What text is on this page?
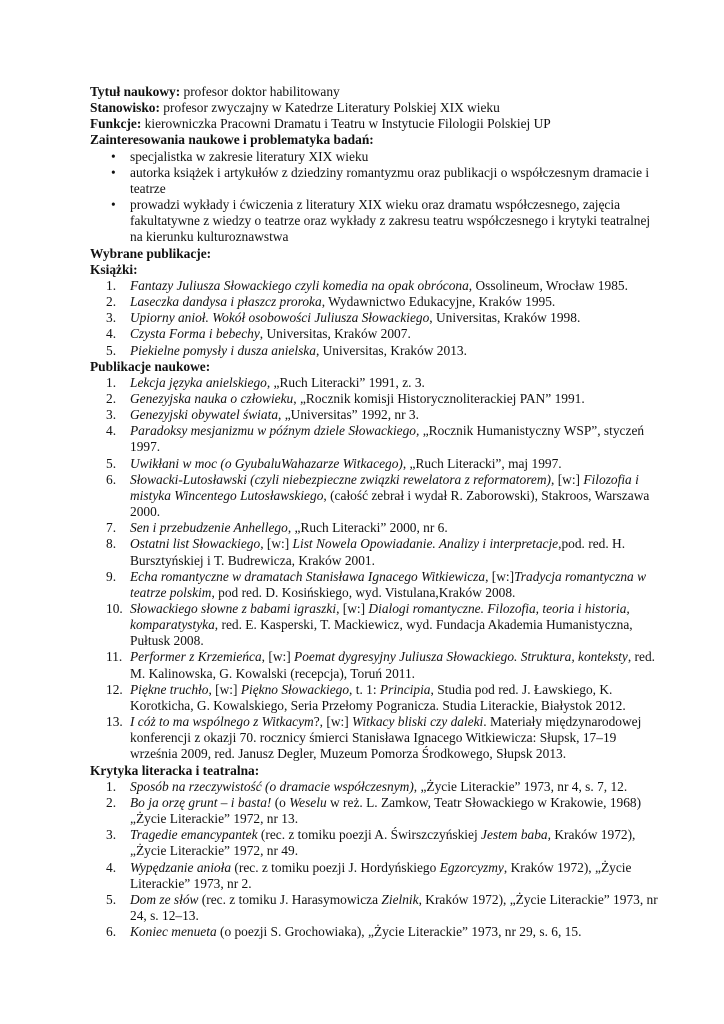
Tytuł naukowy: profesor doktor habilitowany

Stanowisko: profesor zwyczajny w Katedrze Literatury Polskiej XIX wieku

Funkcje: kierowniczka Pracowni Dramatu i Teatru w Instytucie Filologii Polskiej UP

Zainteresowania naukowe i problematyka badań:

• specjalistka w zakresie literatury XIX wieku
• autorka książek i artykułów z dziedziny romantyzmu oraz publikacji o współczesnym dramacie i teatrze
• prowadzi wykłady i ćwiczenia z literatury XIX wieku oraz dramatu współczesnego, zajęcia fakultatywne z wiedzy o teatrze oraz wykłady z zakresu teatru współczesnego i krytyki teatralnej na kierunku kulturoznawstwa

Wybrane publikacje:

Książki:

1. Fantazy Juliusza Słowackiego czyli komedia na opak obrócona, Ossolineum, Wrocław 1985.
2. Laseczka dandysa i płaszcz proroka, Wydawnictwo Edukacyjne, Kraków 1995.
3. Upiorny anioł. Wokół osobowości Juliusza Słowackiego, Universitas, Kraków 1998.
4. Czysta Forma i bebechy, Universitas, Kraków 2007.
5. Piekielne pomysły i dusza anielska, Universitas, Kraków 2013.

Publikacje naukowe:

1. Lekcja języka anielskiego, „Ruch Literacki” 1991, z. 3.
2. Genezyjska nauka o człowieku, „Rocznik komisji Historycznoliterackiej PAN” 1991.
3. Genezyjski obywatel świata, „Universitas” 1992, nr 3.
4. Paradoksy mesjanizmu w późnym dziele Słowackiego, „Rocznik Humanistyczny WSP”, styczeń 1997.
5. Uwikłani w moc (o GyubaluWahazarze Witkacego), „Ruch Literacki”, maj 1997.
6. Słowacki-Lutosławski (czyli niebezpieczne związki rewelatora z reformatorem), [w:] Filozofia i mistyka Wincentego Lutosławskiego, (całość zebrał i wydał R. Zaborowski), Stakroos, Warszawa 2000.
7. Sen i przebudzenie Anhellego, „Ruch Literacki” 2000, nr 6.
8. Ostatni list Słowackiego, [w:] List Nowela Opowiadanie. Analizy i interpretacje,pod. red. H. Bursztyńskiej i T. Budrewicza, Kraków 2001.
9. Echa romantyczne w dramatach Stanisława Ignacego Witkiewicza, [w:]Tradycja romantyczna w teatrze polskim, pod red. D. Kosińskiego, wyd. Vistulana,Kraków 2008.
10. Słowackiego słowne z babami igraszki, [w:] Dialogi romantyczne. Filozofia, teoria i historia, komparatystyka, red. E. Kasperski, T. Mackiewicz, wyd. Fundacja Akademia Humanistyczna, Pułtusk 2008.
11. Performer z Krzemieńca, [w:] Poemat dygresyjny Juliusza Słowackiego. Struktura, konteksty, red. M. Kalinowska, G. Kowalski (recepcja), Toruń 2011.
12. Piękne truchło, [w:] Piękno Słowackiego, t. 1: Principia, Studia pod red. J. Ławskiego, K. Korotkicha, G. Kowalskiego, Seria Przełomy Pogranicza. Studia Literackie, Białystok 2012.
13. I cóż to ma wspólnego z Witkacym?, [w:] Witkacy bliski czy daleki. Materiały międzynarodowej konferencji z okazji 70. rocznicy śmierci Stanisława Ignacego Witkiewicza: Słupsk, 17–19 września 2009, red. Janusz Degler, Muzeum Pomorza Środkowego, Słupsk 2013.

Krytyka literacka i teatralna:

1. Sposób na rzeczywistość (o dramacie współczesnym), „Życie Literackie” 1973, nr 4, s. 7, 12.
2. Bo ja orzę grunt – i basta! (o Weselu w reż. L. Zamkow, Teatr Słowackiego w Krakowie, 1968) „Życie Literackie” 1972, nr 13.
3. Tragedie emancypantek (rec. z tomiku poezji A. Świrszczyńskiej Jestem baba, Kraków 1972), „Życie Literackie” 1972, nr 49.
4. Wypędzanie anioła (rec. z tomiku poezji J. Hordyńskiego Egzorcyzmy, Kraków 1972), „Życie Literackie” 1973, nr 2.
5. Dom ze słów (rec. z tomiku J. Harasymowicza Zielnik, Kraków 1972), „Życie Literackie” 1973, nr 24, s. 12–13.
6. Koniec menueta (o poezji S. Grochowiaka), „Życie Literackie” 1973, nr 29, s. 6, 15.
